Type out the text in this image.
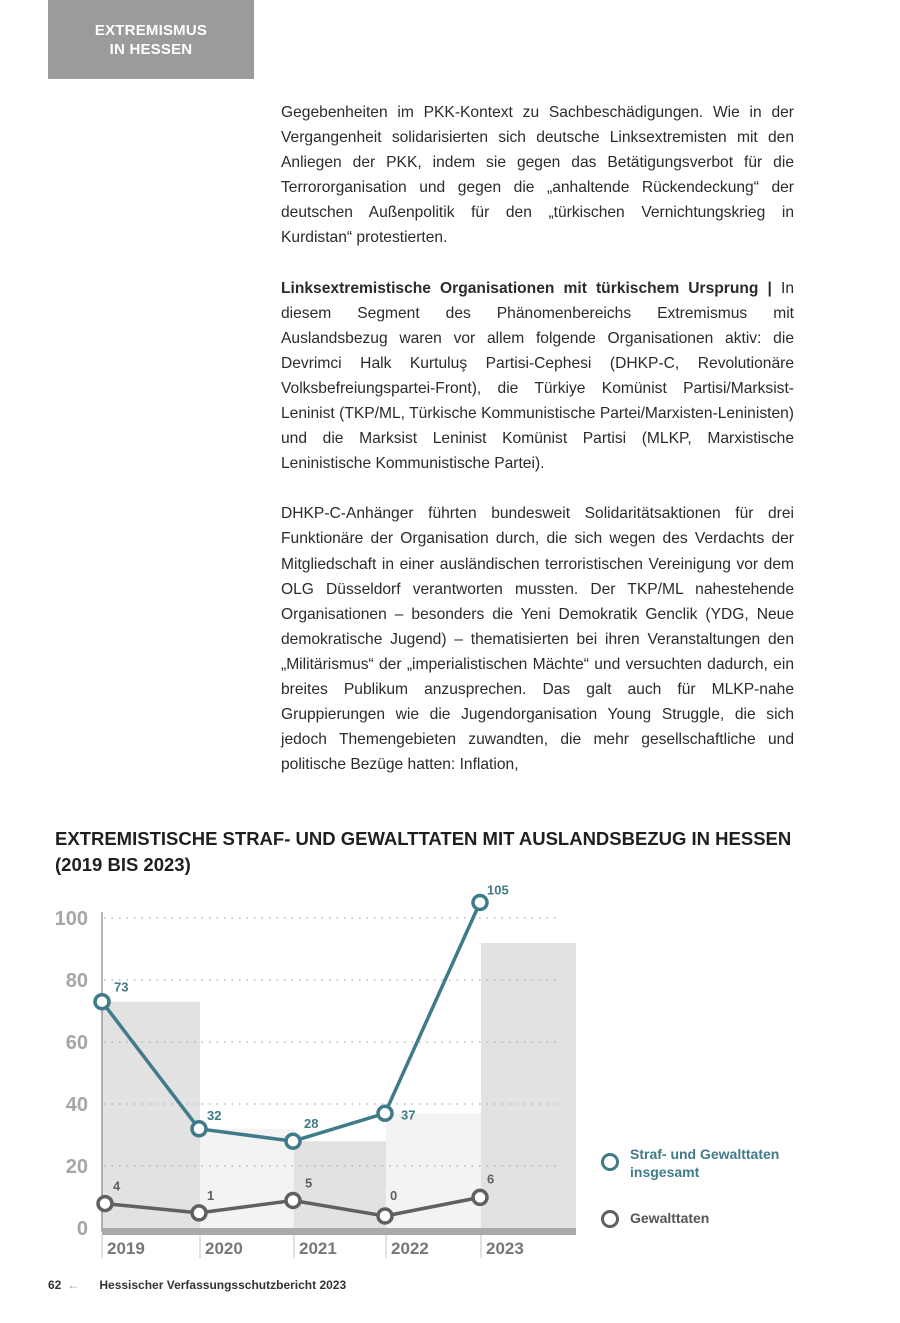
EXTREMISMUS
IN HESSEN

Gegebenheiten im PKK-Kontext zu Sachbeschädigungen. Wie in der Vergangenheit solidarisierten sich deutsche Linksextremisten mit den Anliegen der PKK, indem sie gegen das Betätigungsverbot für die Terrororganisation und gegen die „anhaltende Rückendeckung“ der deutschen Außenpolitik für den „türkischen Vernichtungskrieg in Kurdistan“ protestierten.

Linksextremistische Organisationen mit türkischem Ursprung | In diesem Segment des Phänomenbereichs Extremismus mit Auslandsbezug waren vor allem folgende Organisationen aktiv: die Devrimci Halk Kurtuluş Partisi-Cephesi (DHKP-C, Revolutionäre Volksbefreiungspartei-Front), die Türkiye Komünist Partisi/Marksist-Leninist (TKP/ML, Türkische Kommunistische Partei/Marxisten-Leninisten) und die Marksist Leninist Komünist Partisi (MLKP, Marxistische Leninistische Kommunistische Partei).

DHKP-C-Anhänger führten bundesweit Solidaritätsaktionen für drei Funktionäre der Organisation durch, die sich wegen des Verdachts der Mitgliedschaft in einer ausländischen terroristischen Vereinigung vor dem OLG Düsseldorf verantworten mussten. Der TKP/ML nahestehende Organisationen – besonders die Yeni Demokratik Genclik (YDG, Neue demokratische Jugend) – thematisierten bei ihren Veranstaltungen den „Militärismus“ der „imperialistischen Mächte“ und versuchten dadurch, ein breites Publikum anzusprechen. Das galt auch für MLKP-nahe Gruppierungen wie die Jugendorganisation Young Struggle, die sich jedoch Themengebieten zuwandten, die mehr gesellschaftliche und politische Bezüge hatten: Inflation,

EXTREMISTISCHE STRAF- UND GEWALTTATEN MIT AUSLANDSBEZUG IN HESSEN (2019 BIS 2023)
0
20
40
60
80
100
2019	2020	2021	2022	2023
73
32
28
37
105
4
1
5
0
6
Straf- und Gewalttaten
insgesamt
Gewalttaten
62 ← Hessischer Verfassungsschutzbericht 2023
